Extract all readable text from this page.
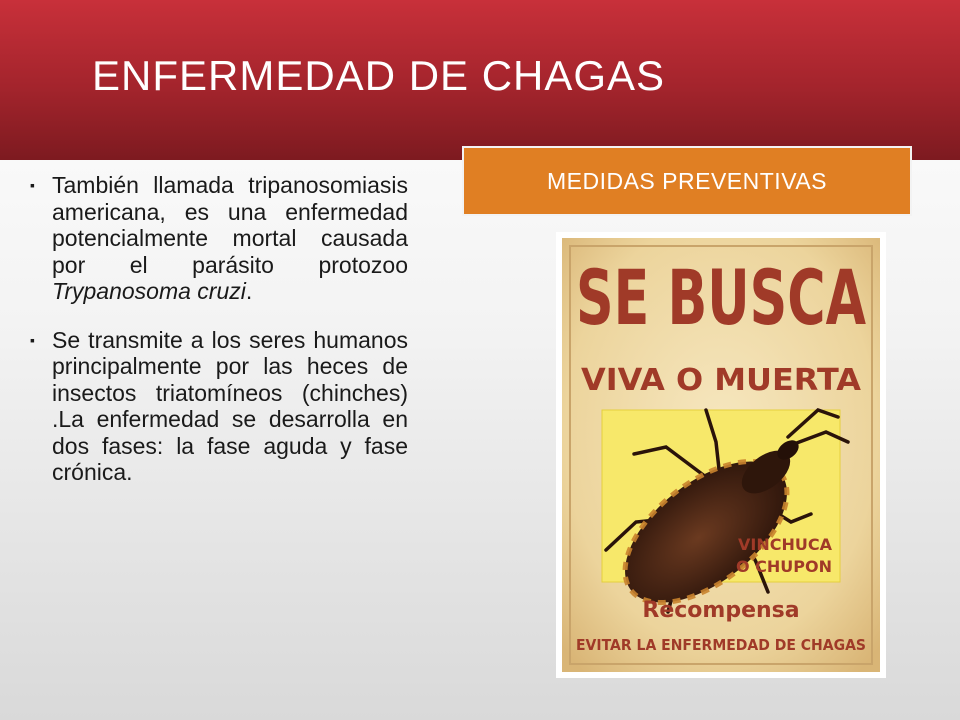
ENFERMEDAD DE CHAGAS

▪ También llamada tripanosomiasis americana, es una enfermedad potencialmente mortal causada por el parásito protozoo Trypanosoma cruzi.

▪ Se transmite a los seres humanos principalmente por las heces de insectos triatomíneos (chinches) .La enfermedad se desarrolla en dos fases: la fase aguda y fase crónica.

MEDIDAS PREVENTIVAS
SE BUSCA
VIVA O MUERTA
VINCHUCA
O CHUPON
Recompensa
EVITAR LA ENFERMEDAD DE CHAGAS
